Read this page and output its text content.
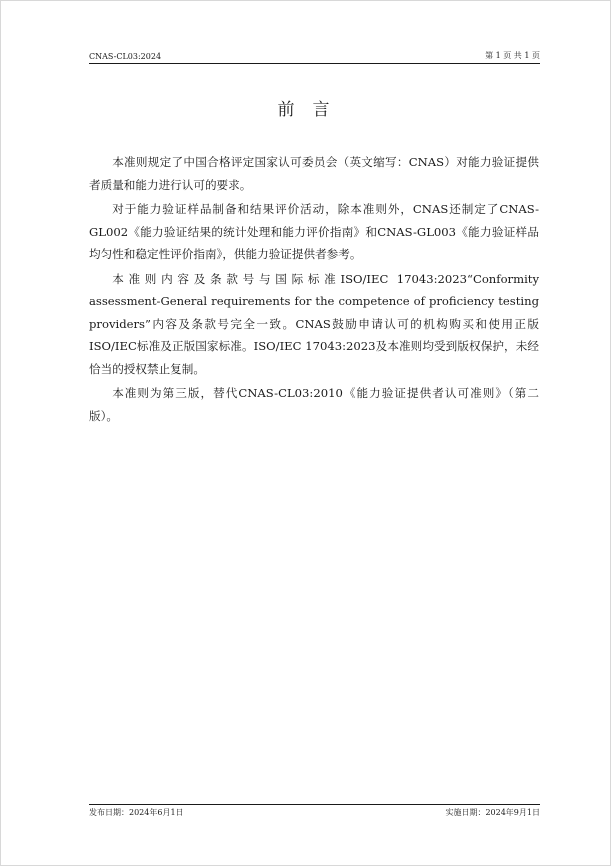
CNAS-CL03:2024	第 1 页 共 1 页
前言

本准则规定了中国合格评定国家认可委员会（英文缩写：CNAS）对能力验证提供者质量和能力进行认可的要求。

对于能力验证样品制备和结果评价活动，除本准则外，CNAS还制定了CNAS-GL002《能力验证结果的统计处理和能力评价指南》和CNAS-GL003《能力验证样品均匀性和稳定性评价指南》，供能力验证提供者参考。

本准则内容及条款号与国际标准ISO/IEC 17043:2023“Conformity assessment-General requirements for the competence of proficiency testing providers”内容及条款号完全一致。CNAS鼓励申请认可的机构购买和使用正版ISO/IEC标准及正版国家标准。ISO/IEC 17043:2023及本准则均受到版权保护，未经恰当的授权禁止复制。

本准则为第三版，替代CNAS-CL03:2010《能力验证提供者认可准则》（第二版）。

发布日期：2024年6月1日	实施日期：2024年9月1日
